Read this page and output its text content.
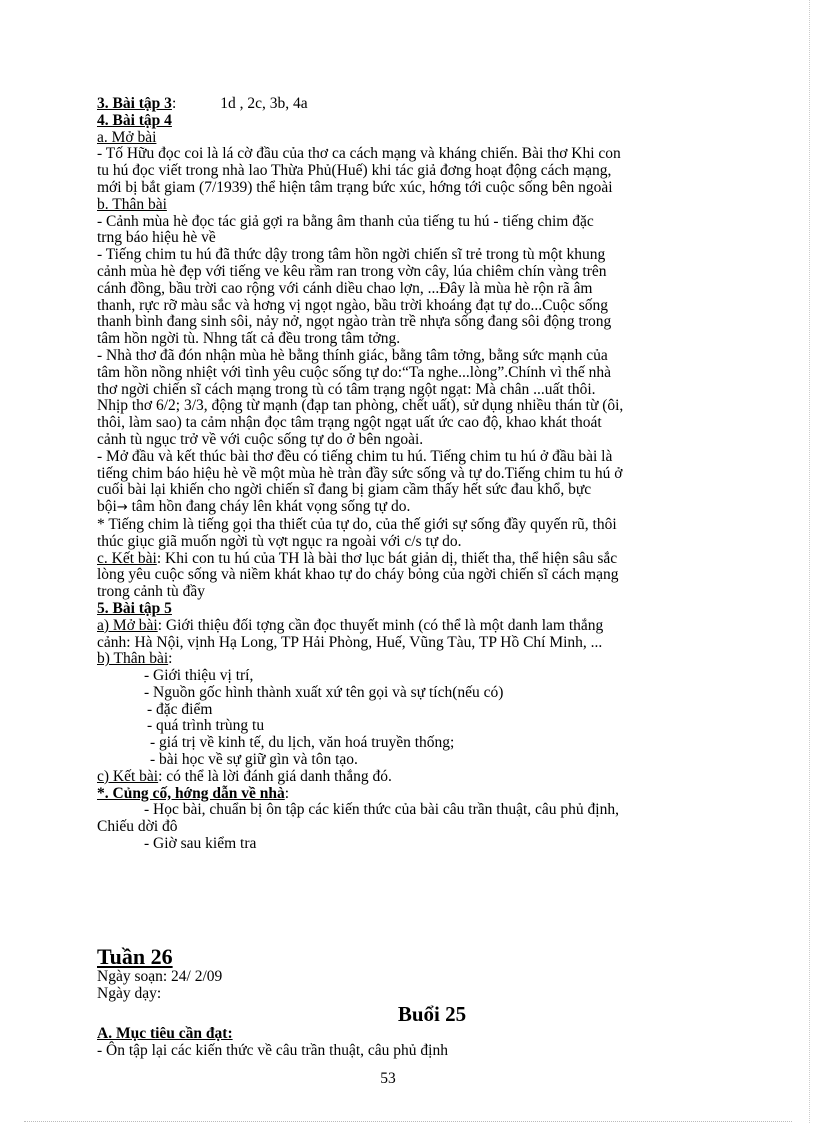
3. Bài tập 3:	1d , 2c, 3b, 4a
4. Bài tập 4
a. Mở bài
- Tố Hữu đọc coi là lá cờ đầu của thơ ca cách mạng và kháng chiến. Bài thơ Khi con
tu hú đọc viết trong nhà lao Thừa Phủ(Huế) khi tác giả đơng hoạt động cách mạng,
mới bị bắt giam (7/1939) thể hiện tâm trạng bức xúc, hớng tới cuộc sống bên ngoài
b. Thân bài
- Cảnh mùa hè đọc tác giả gợi ra bằng âm thanh của tiếng tu hú - tiếng chim đặc
trng báo hiệu hè về
- Tiếng chim tu hú đã thức dậy trong tâm hồn ngời chiến sĩ trẻ trong tù một khung
cảnh mùa hè đẹp với tiếng ve kêu rầm ran trong vờn cây, lúa chiêm chín vàng trên
cánh đồng, bầu trời cao rộng với cánh diều chao lợn, ...Đây là mùa hè rộn rã âm
thanh, rực rỡ màu sắc và hơng vị ngọt ngào, bầu trời khoáng đạt tự do...Cuộc sống
thanh bình đang sinh sôi, nảy nở, ngọt ngào tràn trề nhựa sống đang sôi động trong
tâm hồn ngời tù. Nhng tất cả đều trong tâm tởng.
- Nhà thơ đã đón nhận mùa hè bằng thính giác, bằng tâm tởng, bằng sức mạnh của
tâm hồn nồng nhiệt với tình yêu cuộc sống tự do:“Ta nghe...lòng”.Chính vì thế nhà
thơ ngời chiến sĩ cách mạng trong tù có tâm trạng ngột ngạt: Mà chân ...uất thôi.
Nhịp thơ 6/2; 3/3, động từ mạnh (đạp tan phòng, chết uất), sử dụng nhiều thán từ (ôi,
thôi, làm sao) ta cảm nhận đọc tâm trạng ngột ngạt uất ức cao độ, khao khát thoát
cảnh tù ngục trở về với cuộc sống tự do ở bên ngoài.
- Mở đầu và kết thúc bài thơ đều có tiếng chim tu hú. Tiếng chim tu hú ở đầu bài là
tiếng chim báo hiệu hè về một mùa hè tràn đầy sức sống và tự do.Tiếng chim tu hú ở
cuối bài lại khiến cho ngời chiến sĩ đang bị giam cầm thấy hết sức đau khổ, bực
bội→ tâm hồn đang cháy lên khát vọng sống tự do.
* Tiếng chim là tiếng gọi tha thiết của tự do, của thế giới sự sống đầy quyến rũ, thôi
thúc giục giã muốn ngời tù vợt ngục ra ngoài với c/s tự do.
c. Kết bài: Khi con tu hú của TH là bài thơ lục bát giản dị, thiết tha, thể hiện sâu sắc
lòng yêu cuộc sống và niềm khát khao tự do cháy bỏng của ngời chiến sĩ cách mạng
trong cảnh tù đầy
5. Bài tập 5
a) Mở bài: Giới thiệu đối tợng cần đọc thuyết minh (có thể là một danh lam thắng
cảnh: Hà Nội, vịnh Hạ Long, TP Hải Phòng, Huế, Vũng Tàu, TP Hồ Chí Minh, ...
b) Thân bài:
- Giới thiệu vị trí,
- Nguồn gốc hình thành xuất xứ tên gọi và sự tích(nếu có)
- đặc điểm
- quá trình trùng tu
- giá trị về kinh tế, du lịch, văn hoá truyền thống;
- bài học về sự giữ gìn và tôn tạo.
c) Kết bài: có thể là lời đánh giá danh thắng đó.
*. Củng cố, hớng dẫn về nhà:
- Học bài, chuẩn bị ôn tập các kiến thức của bài câu trần thuật, câu phủ định,
Chiếu dời đô
- Giờ sau kiểm tra
Tuần 26
Ngày soạn: 24/ 2/09
Ngày dạy:
Buổi 25
A. Mục tiêu cần đạt:
- Ôn tập lại các kiến thức về câu trần thuật, câu phủ định
53
